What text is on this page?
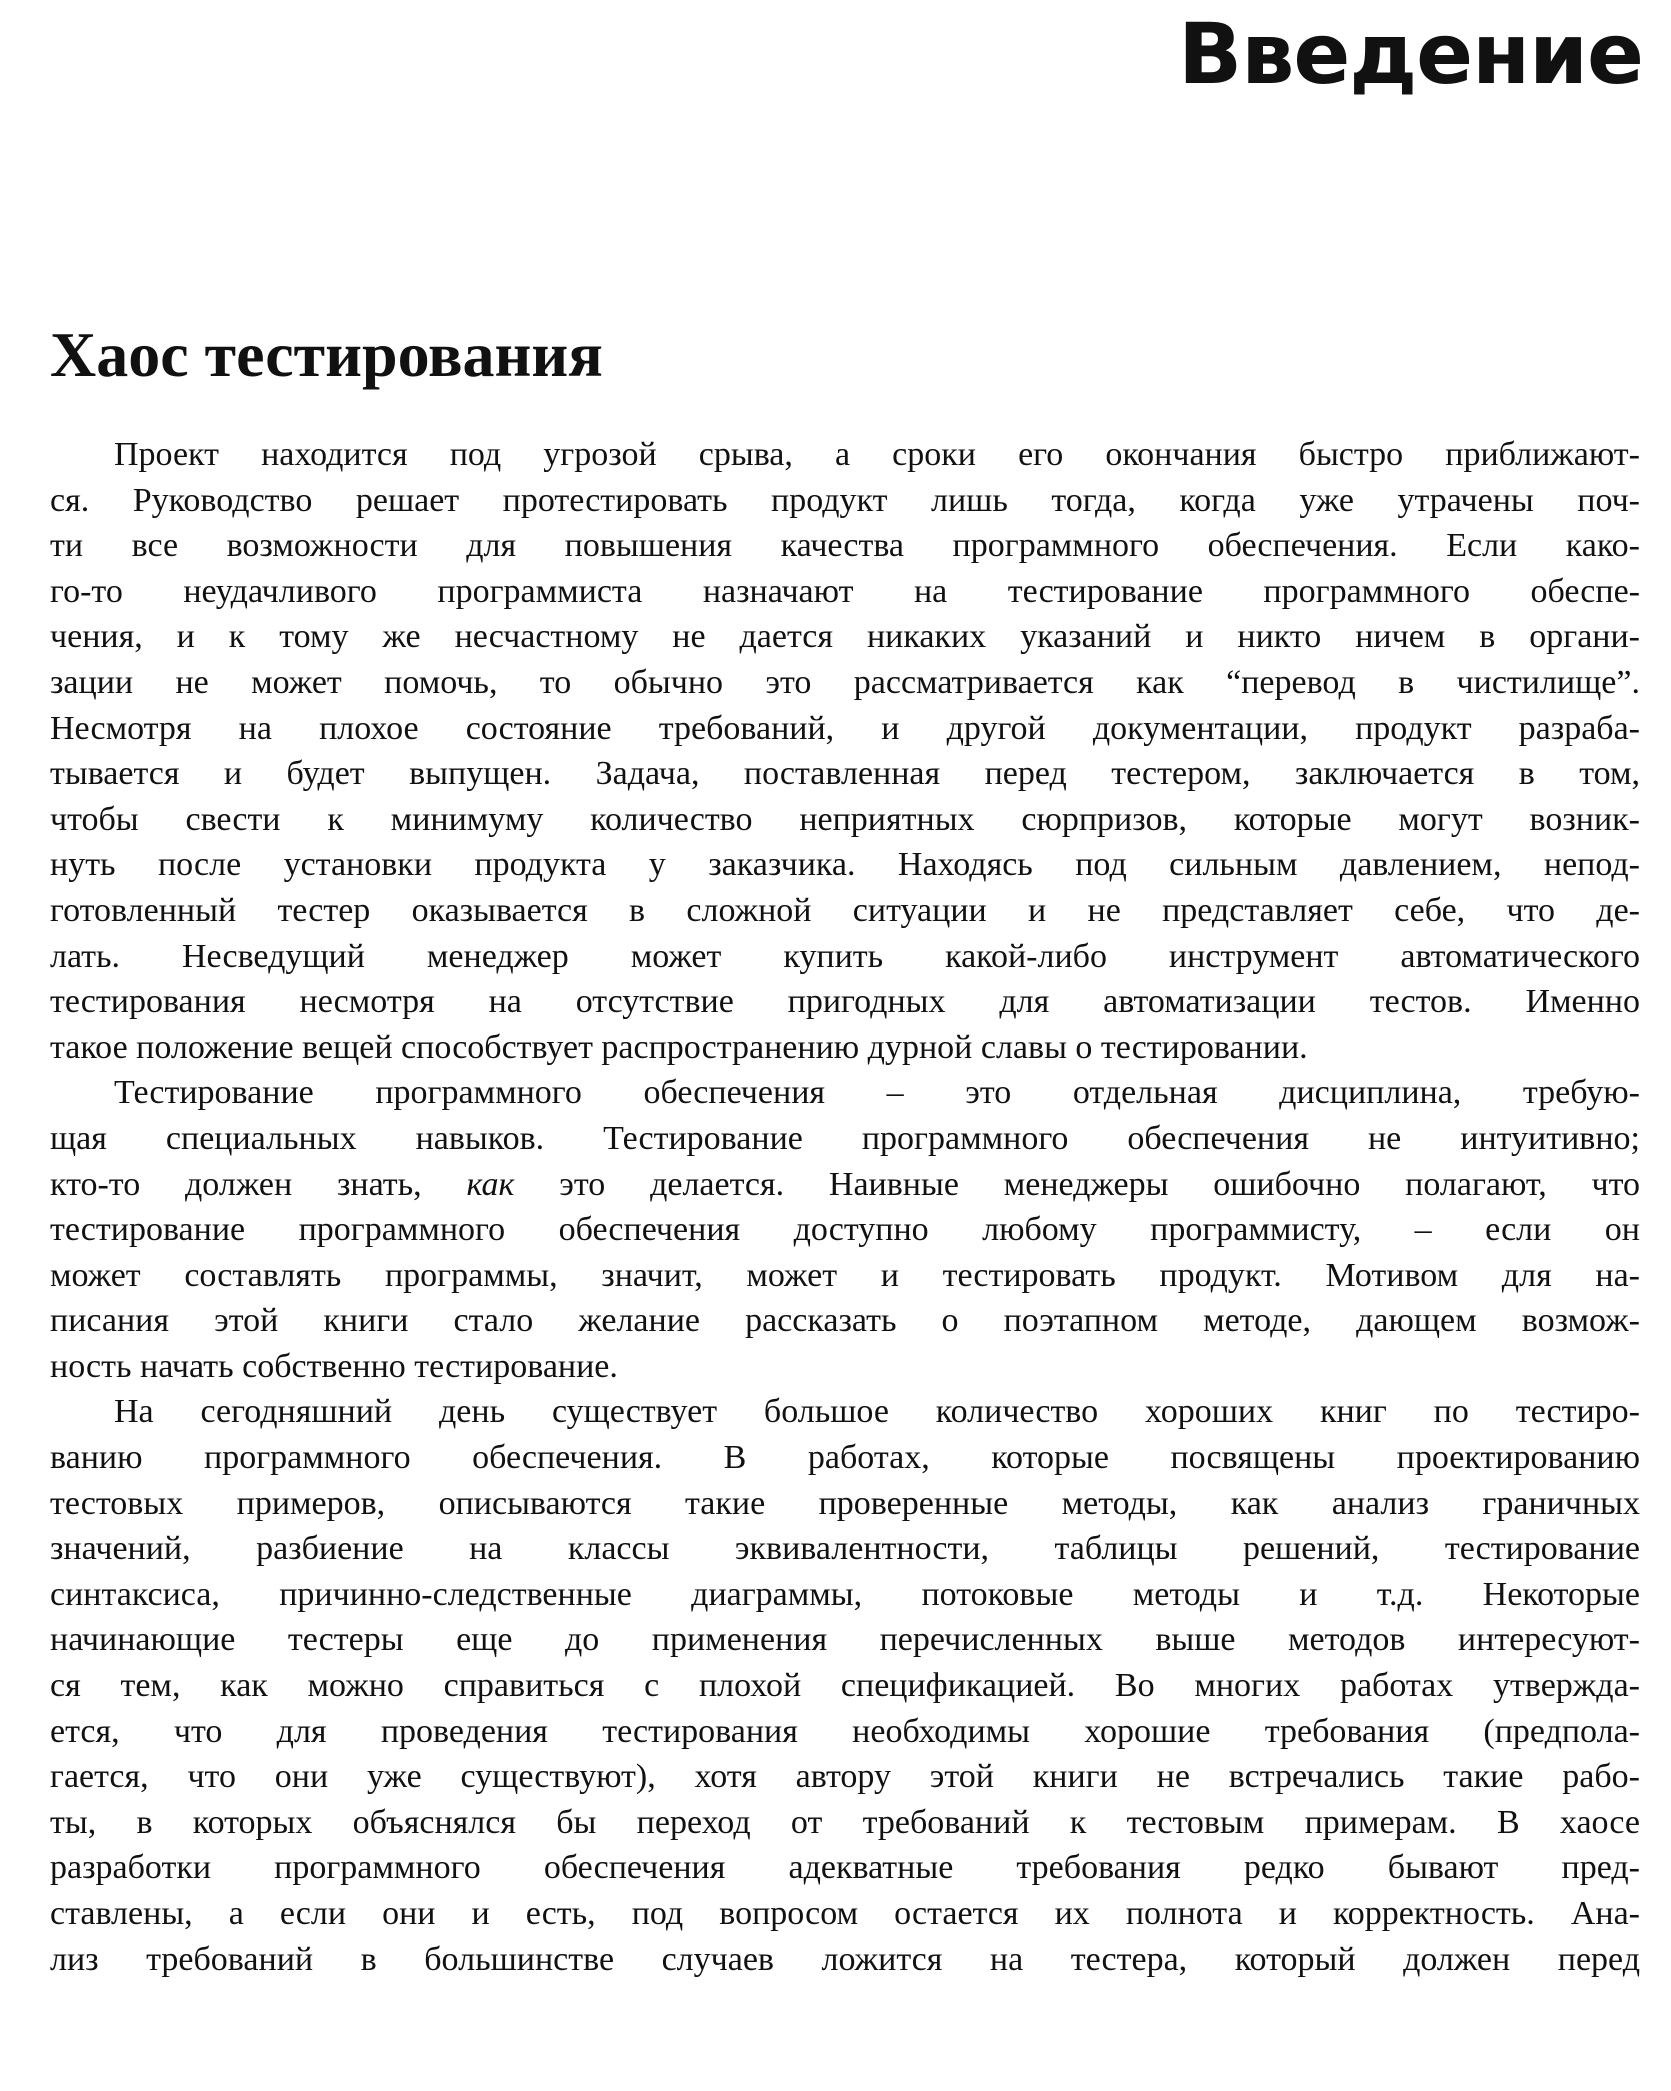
Введение
Хаос тестирования
Проект находится под угрозой срыва, а сроки его окончания быстро приближают-
ся. Руководство решает протестировать продукт лишь тогда, когда уже утрачены поч-
ти все возможности для повышения качества программного обеспечения. Если како-
го-то неудачливого программиста назначают на тестирование программного обеспе-
чения, и к тому же несчастному не дается никаких указаний и никто ничем в органи-
зации не может помочь, то обычно это рассматривается как “перевод в чистилище”.
Несмотря на плохое состояние требований, и другой документации, продукт разраба-
тывается и будет выпущен. Задача, поставленная перед тестером, заключается в том,
чтобы свести к минимуму количество неприятных сюрпризов, которые могут возник-
нуть после установки продукта у заказчика. Находясь под сильным давлением, непод-
готовленный тестер оказывается в сложной ситуации и не представляет себе, что де-
лать. Несведущий менеджер может купить какой-либо инструмент автоматического
тестирования несмотря на отсутствие пригодных для автоматизации тестов. Именно
такое положение вещей способствует распространению дурной славы о тестировании.
Тестирование программного обеспечения – это отдельная дисциплина, требую-
щая специальных навыков. Тестирование программного обеспечения не интуитивно;
кто-то должен знать, как это делается. Наивные менеджеры ошибочно полагают, что
тестирование программного обеспечения доступно любому программисту, – если он
может составлять программы, значит, может и тестировать продукт. Мотивом для на-
писания этой книги стало желание рассказать о поэтапном методе, дающем возмож-
ность начать собственно тестирование.
На сегодняшний день существует большое количество хороших книг по тестиро-
ванию программного обеспечения. В работах, которые посвящены проектированию
тестовых примеров, описываются такие проверенные методы, как анализ граничных
значений, разбиение на классы эквивалентности, таблицы решений, тестирование
синтаксиса, причинно-следственные диаграммы, потоковые методы и т.д. Некоторые
начинающие тестеры еще до применения перечисленных выше методов интересуют-
ся тем, как можно справиться с плохой спецификацией. Во многих работах утвержда-
ется, что для проведения тестирования необходимы хорошие требования (предпола-
гается, что они уже существуют), хотя автору этой книги не встречались такие рабо-
ты, в которых объяснялся бы переход от требований к тестовым примерам. В хаосе
разработки программного обеспечения адекватные требования редко бывают пред-
ставлены, а если они и есть, под вопросом остается их полнота и корректность. Ана-
лиз требований в большинстве случаев ложится на тестера, который должен перед
